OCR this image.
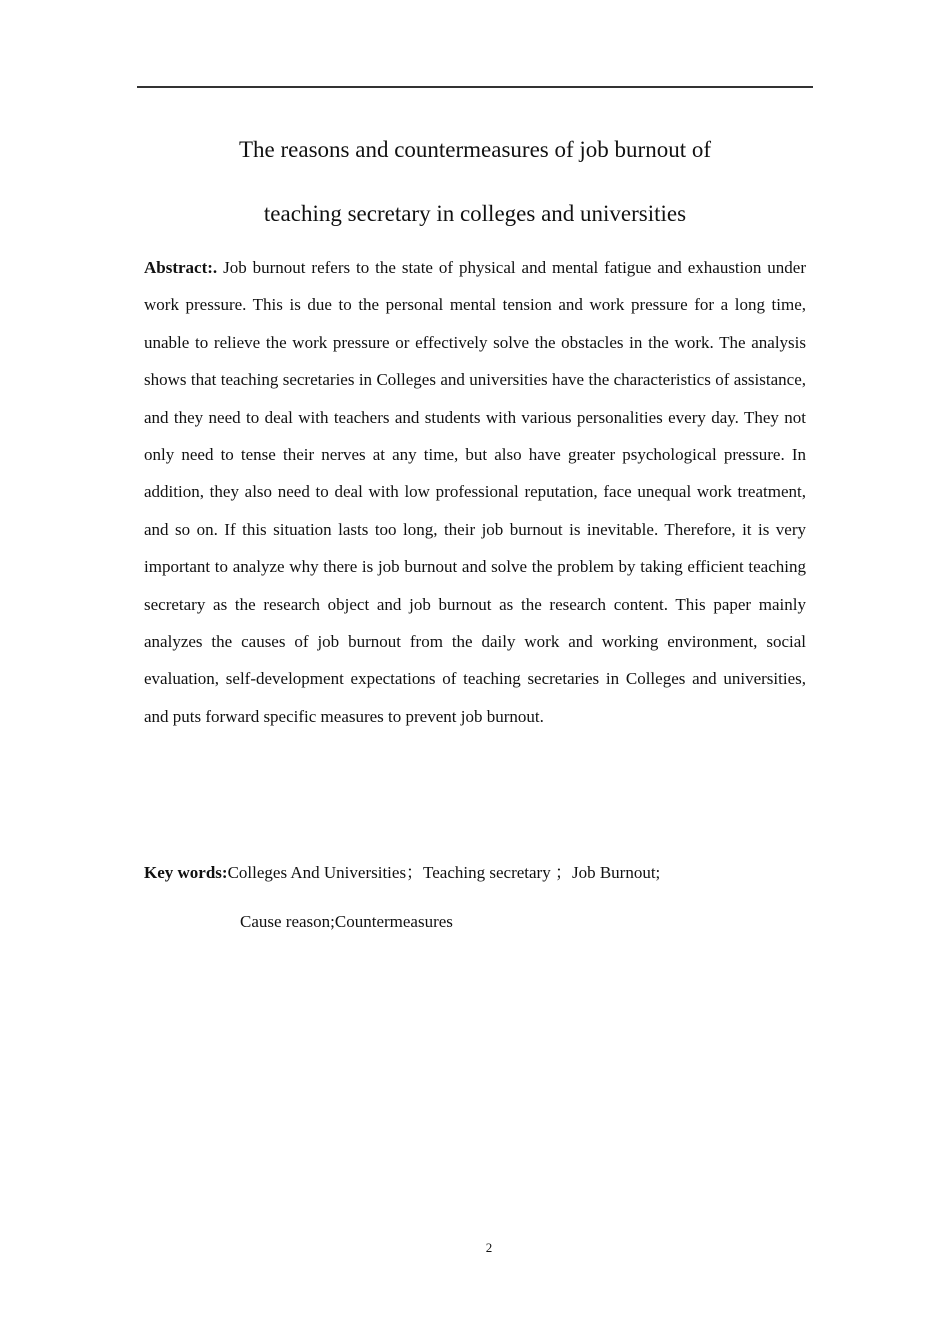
The reasons and countermeasures of job burnout of
teaching secretary in colleges and universities
Abstract:. Job burnout refers to the state of physical and mental fatigue and exhaustion under work pressure. This is due to the personal mental tension and work pressure for a long time, unable to relieve the work pressure or effectively solve the obstacles in the work. The analysis shows that teaching secretaries in Colleges and universities have the characteristics of assistance, and they need to deal with teachers and students with various personalities every day. They not only need to tense their nerves at any time, but also have greater psychological pressure. In addition, they also need to deal with low professional reputation, face unequal work treatment, and so on. If this situation lasts too long, their job burnout is inevitable. Therefore, it is very important to analyze why there is job burnout and solve the problem by taking efficient teaching secretary as the research object and job burnout as the research content. This paper mainly analyzes the causes of job burnout from the daily work and working environment, social evaluation, self-development expectations of teaching secretaries in Colleges and universities, and puts forward specific measures to prevent job burnout.
Key words:Colleges And Universities；Teaching secretary ；Job Burnout;
Cause reason;Countermeasures
2
